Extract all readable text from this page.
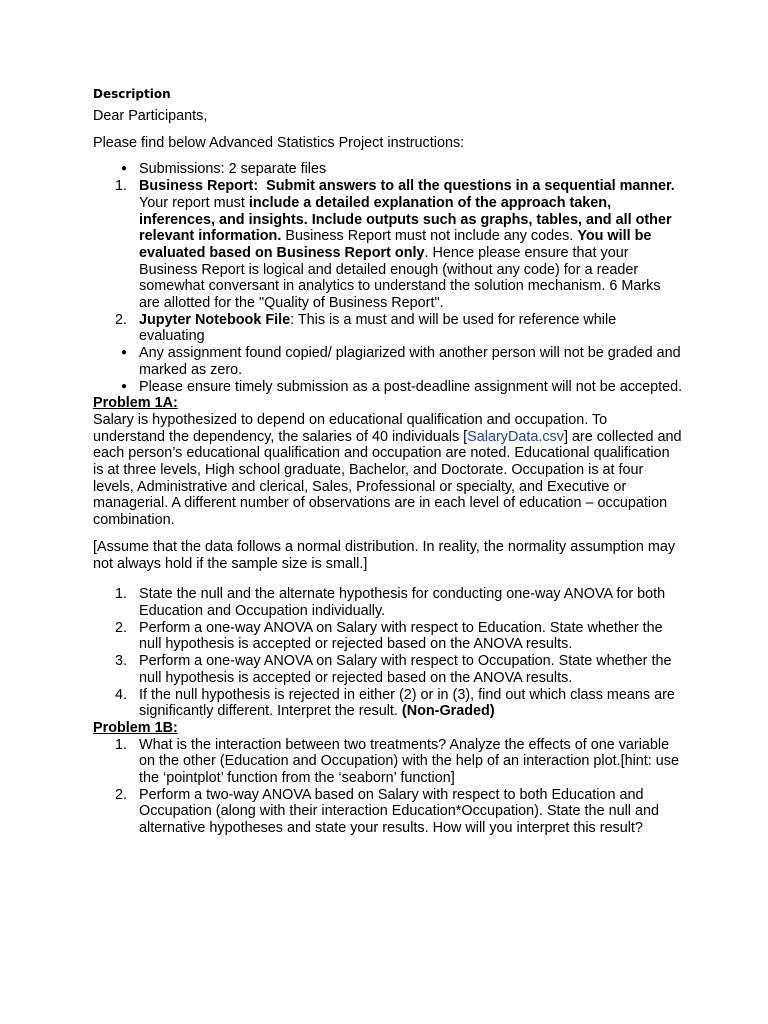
Description

Dear Participants,

Please find below Advanced Statistics Project instructions:

● Submissions: 2 separate files
1. Business Report: Submit answers to all the questions in a sequential manner. Your report must include a detailed explanation of the approach taken, inferences, and insights. Include outputs such as graphs, tables, and all other relevant information. Business Report must not include any codes. You will be evaluated based on Business Report only. Hence please ensure that your Business Report is logical and detailed enough (without any code) for a reader somewhat conversant in analytics to understand the solution mechanism. 6 Marks are allotted for the "Quality of Business Report".
2. Jupyter Notebook File: This is a must and will be used for reference while evaluating
● Any assignment found copied/ plagiarized with another person will not be graded and marked as zero.
● Please ensure timely submission as a post-deadline assignment will not be accepted.
Problem 1A:

Salary is hypothesized to depend on educational qualification and occupation. To understand the dependency, the salaries of 40 individuals [SalaryData.csv] are collected and each person’s educational qualification and occupation are noted. Educational qualification is at three levels, High school graduate, Bachelor, and Doctorate. Occupation is at four levels, Administrative and clerical, Sales, Professional or specialty, and Executive or managerial. A different number of observations are in each level of education – occupation combination.

[Assume that the data follows a normal distribution. In reality, the normality assumption may not always hold if the sample size is small.]

1. State the null and the alternate hypothesis for conducting one-way ANOVA for both Education and Occupation individually.
2. Perform a one-way ANOVA on Salary with respect to Education. State whether the null hypothesis is accepted or rejected based on the ANOVA results.
3. Perform a one-way ANOVA on Salary with respect to Occupation. State whether the null hypothesis is accepted or rejected based on the ANOVA results.
4. If the null hypothesis is rejected in either (2) or in (3), find out which class means are significantly different. Interpret the result. (Non-Graded)
Problem 1B:
1. What is the interaction between two treatments? Analyze the effects of one variable on the other (Education and Occupation) with the help of an interaction plot.[hint: use the ‘pointplot’ function from the ‘seaborn’ function]
2. Perform a two-way ANOVA based on Salary with respect to both Education and Occupation (along with their interaction Education*Occupation). State the null and alternative hypotheses and state your results. How will you interpret this result?
